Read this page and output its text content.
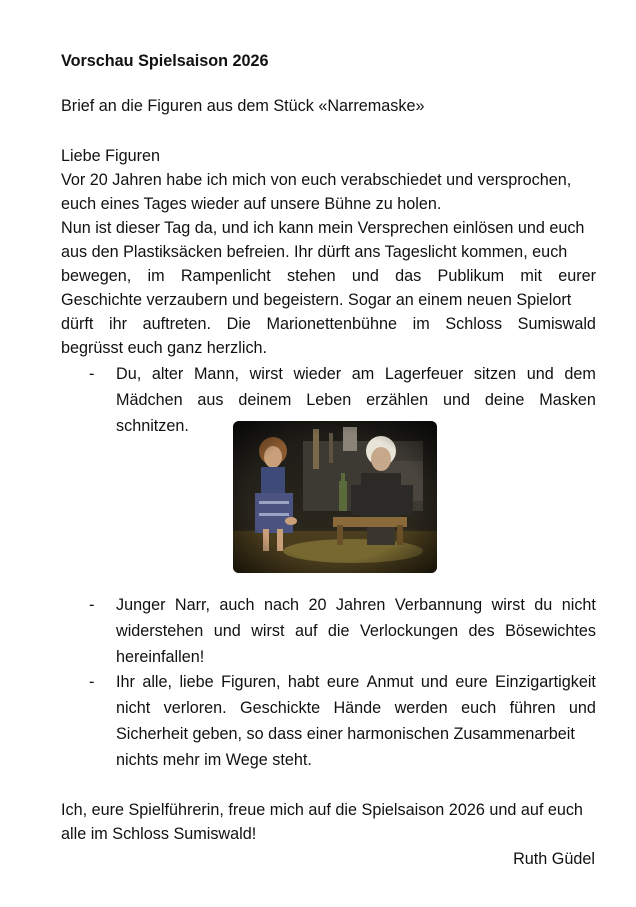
Vorschau Spielsaison 2026
Brief an die Figuren aus dem Stück «Narremaske»
Liebe Figuren
Vor 20 Jahren habe ich mich von euch verabschiedet und versprochen,
euch eines Tages wieder auf unsere Bühne zu holen.
Nun ist dieser Tag da, und ich kann mein Versprechen einlösen und euch
aus den Plastiksäcken befreien. Ihr dürft ans Tageslicht kommen, euch
bewegen, im Rampenlicht stehen und das Publikum mit eurer
Geschichte verzaubern und begeistern. Sogar an einem neuen Spielort
dürft ihr auftreten. Die Marionettenbühne im Schloss Sumiswald
begrüsst euch ganz herzlich.
- Du, alter Mann, wirst wieder am Lagerfeuer sitzen und dem
Mädchen aus deinem Leben erzählen und deine Masken
schnitzen.
- Junger Narr, auch nach 20 Jahren Verbannung wirst du nicht
widerstehen und wirst auf die Verlockungen des Bösewichtes
hereinfallen!
- Ihr alle, liebe Figuren, habt eure Anmut und eure Einzigartigkeit
nicht verloren. Geschickte Hände werden euch führen und
Sicherheit geben, so dass einer harmonischen Zusammenarbeit
nichts mehr im Wege steht.
Ich, eure Spielführerin, freue mich auf die Spielsaison 2026 und auf euch
alle im Schloss Sumiswald!
Ruth Güdel
